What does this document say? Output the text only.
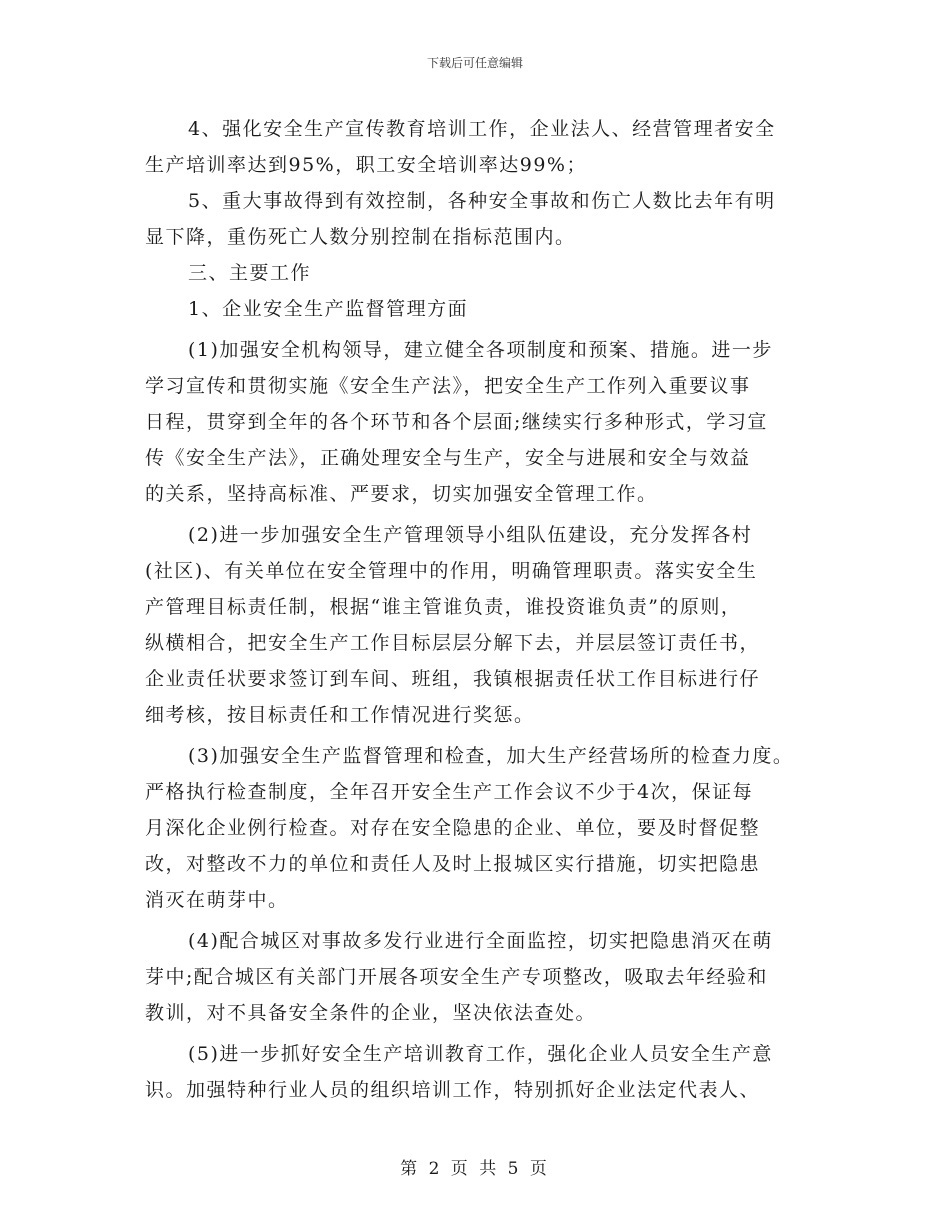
下载后可任意编辑
4、强化安全生产宣传教育培训工作，企业法人、经营管理者安全
生产培训率达到95%，职工安全培训率达99%；
5、重大事故得到有效控制，各种安全事故和伤亡人数比去年有明
显下降，重伤死亡人数分别控制在指标范围内。
三、主要工作
1、企业安全生产监督管理方面
(1)加强安全机构领导，建立健全各项制度和预案、措施。进一步
学习宣传和贯彻实施《安全生产法》，把安全生产工作列入重要议事
日程，贯穿到全年的各个环节和各个层面;继续实行多种形式，学习宣
传《安全生产法》，正确处理安全与生产，安全与进展和安全与效益
的关系，坚持高标准、严要求，切实加强安全管理工作。
(2)进一步加强安全生产管理领导小组队伍建设，充分发挥各村
(社区)、有关单位在安全管理中的作用，明确管理职责。落实安全生
产管理目标责任制，根据“谁主管谁负责，谁投资谁负责”的原则，
纵横相合，把安全生产工作目标层层分解下去，并层层签订责任书，
企业责任状要求签订到车间、班组，我镇根据责任状工作目标进行仔
细考核，按目标责任和工作情况进行奖惩。
(3)加强安全生产监督管理和检查，加大生产经营场所的检查力度。
严格执行检查制度，全年召开安全生产工作会议不少于4次，保证每
月深化企业例行检查。对存在安全隐患的企业、单位，要及时督促整
改，对整改不力的单位和责任人及时上报城区实行措施，切实把隐患
消灭在萌芽中。
(4)配合城区对事故多发行业进行全面监控，切实把隐患消灭在萌
芽中;配合城区有关部门开展各项安全生产专项整改，吸取去年经验和
教训，对不具备安全条件的企业，坚决依法查处。
(5)进一步抓好安全生产培训教育工作，强化企业人员安全生产意
识。加强特种行业人员的组织培训工作，特别抓好企业法定代表人、
第 2 页 共 5 页
